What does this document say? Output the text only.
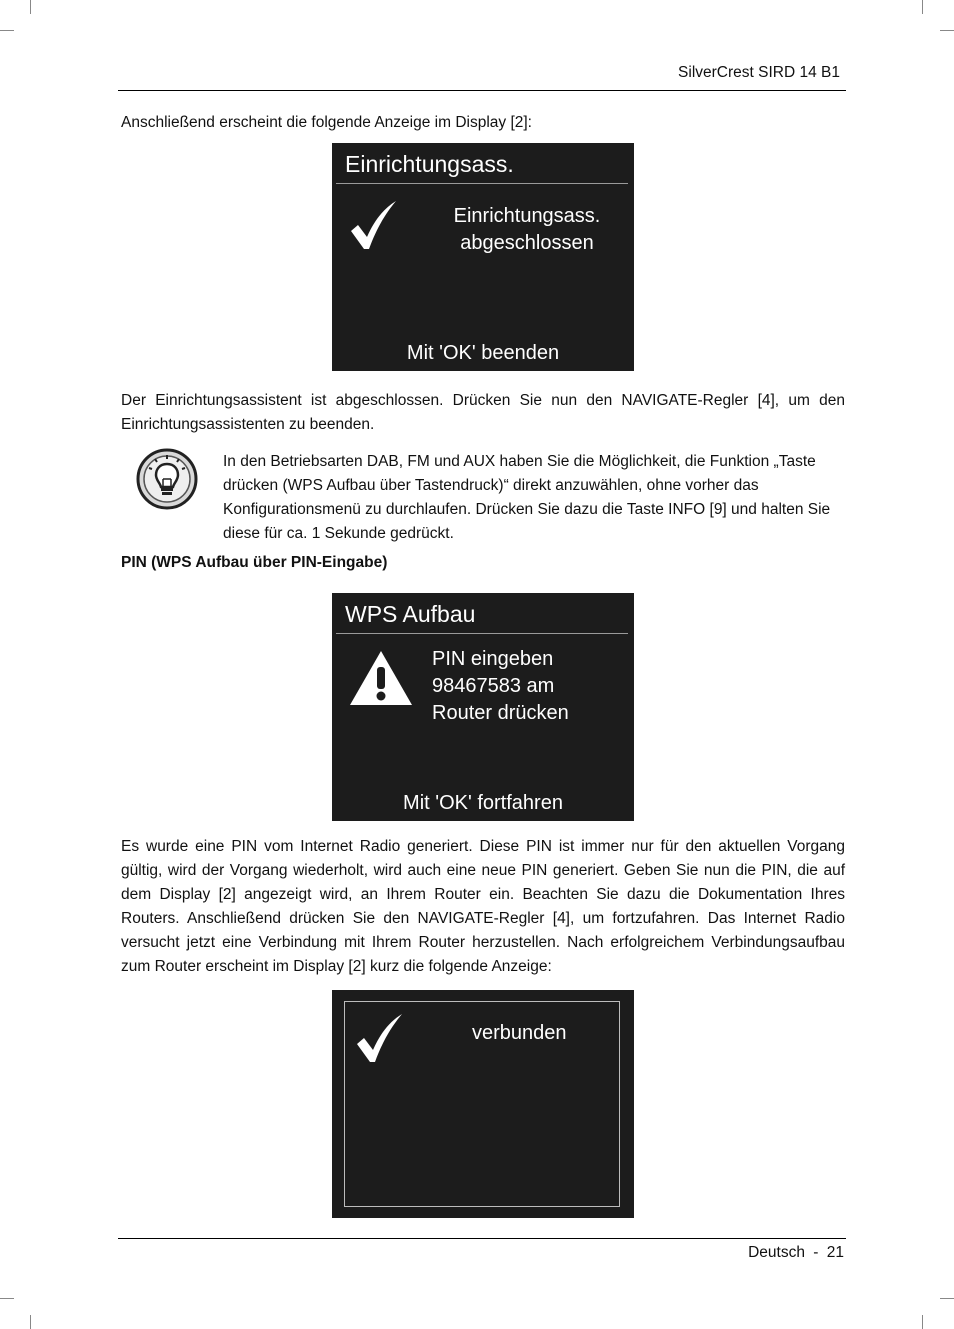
SilverCrest SIRD 14 B1

Anschließend erscheint die folgende Anzeige im Display [2]:

Einrichtungsass.
Einrichtungsass.
abgeschlossen
Mit 'OK' beenden

Der Einrichtungsassistent ist abgeschlossen. Drücken Sie nun den NAVIGATE-Regler [4], um den Einrichtungsassistenten zu beenden.

In den Betriebsarten DAB, FM und AUX haben Sie die Möglichkeit, die Funktion „Taste drücken (WPS Aufbau über Tastendruck)“ direkt anzuwählen, ohne vorher das Konfigurationsmenü zu durchlaufen. Drücken Sie dazu die Taste INFO [9] und halten Sie diese für ca. 1 Sekunde gedrückt.

PIN (WPS Aufbau über PIN-Eingabe)
WPS Aufbau
PIN eingeben
98467583 am
Router drücken
Mit 'OK' fortfahren

Es wurde eine PIN vom Internet Radio generiert. Diese PIN ist immer nur für den aktuellen Vorgang gültig, wird der Vorgang wiederholt, wird auch eine neue PIN generiert. Geben Sie nun die PIN, die auf dem Display [2] angezeigt wird, an Ihrem Router ein. Beachten Sie dazu die Dokumentation Ihres Routers. Anschließend drücken Sie den NAVIGATE-Regler [4], um fortzufahren. Das Internet Radio versucht jetzt eine Verbindung mit Ihrem Router herzustellen. Nach erfolgreichem Verbindungsaufbau zum Router erscheint im Display [2] kurz die folgende Anzeige:

verbunden
Deutsch - 21
